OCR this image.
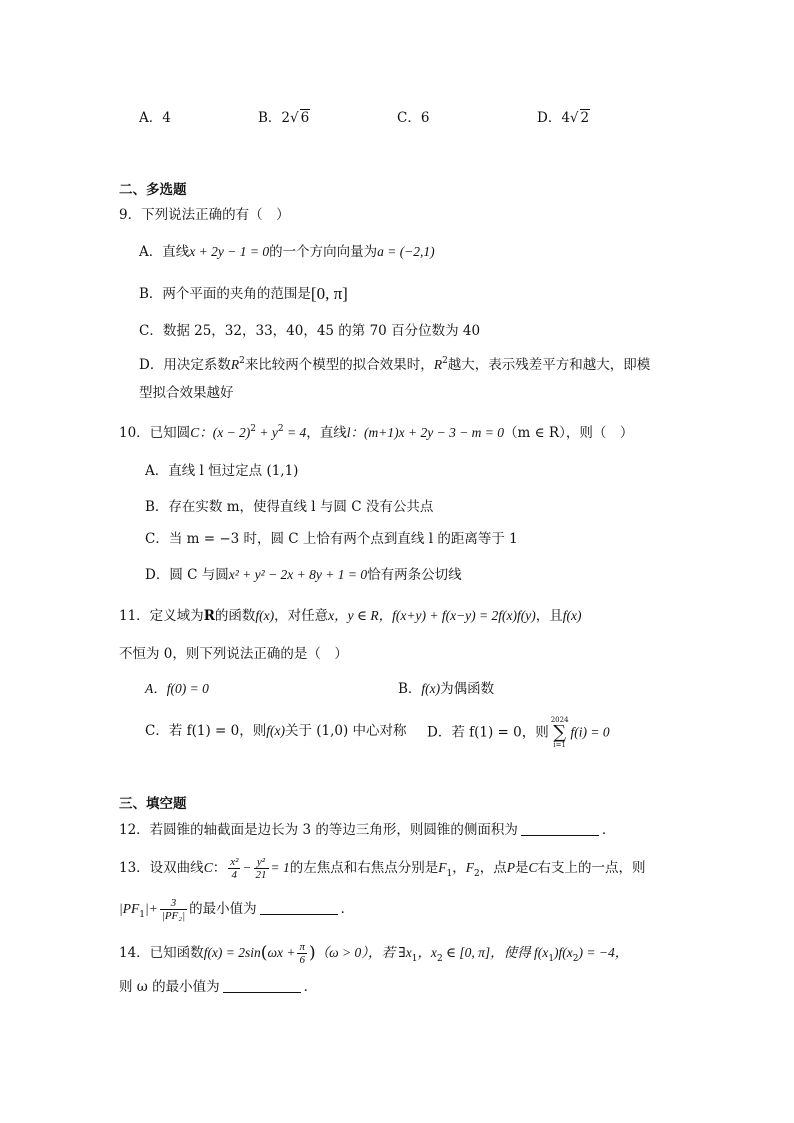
A．4	B．2√ 6	C．6	D．4√ 2
二、多选题
9．下列说法正确的有（　）
A．直线x + 2y − 1 = 0的一个方向向量为a = (−2,1)
B．两个平面的夹角的范围是[0, π]
C．数据 25，32，33，40，45 的第 70 百分位数为 40
D．用决定系数$R^2$来比较两个模型的拟合效果时，$R^2$越大，表示残差平方和越大，即模
型拟合效果越好
10．已知圆C：$(x - 2)^2 + y^2 = 4$，直线l：(m+1)x + 2y − 3 − m = 0（m ∈ R），则（　）
A．直线 l 恒过定点 (1,1)
B．存在实数 m，使得直线 l 与圆 C 没有公共点
C．当 m = −3 时，圆 C 上恰有两个点到直线 l 的距离等于 1
D．圆 C 与圆x² + y² − 2x + 8y + 1 = 0恰有两条公切线
11．定义域为R的函数f(x)，对任意x，y ∈ R，f(x+y) + f(x−y) = 2f(x)f(y)，且f(x)
不恒为 0，则下列说法正确的是（　）
A．f(0) = 0	B．f(x)为偶函数
C．若 f(1) = 0，则f(x)关于 (1,0) 中心对称 D．若 f(1) = 0，则
2024
∑
i=1
f(i) = 0
三、填空题
12．若圆锥的轴截面是边长为 3 的等边三角形，则圆锥的侧面积为	．
13．设双曲线C： $\frac{\text{x²}}{4} - \frac{\text{y²}}{21} = 1$的左焦点和右焦点分别是$F_1$，$F_2$，点P是C右支上的一点，则
$|PF_1|+ \frac{3}{\text{|PF₂|}}$ 的最小值为	．
14．已知函数$f(x) = 2\sin(\omega x + \frac{\pi}{6} )(\omega > 0)$，若 $\exists x_1$，$x_2$ ∈ [0, π]，使得 $f(x_1)f(x_2) = -4$，
则 ω 的最小值为	．
